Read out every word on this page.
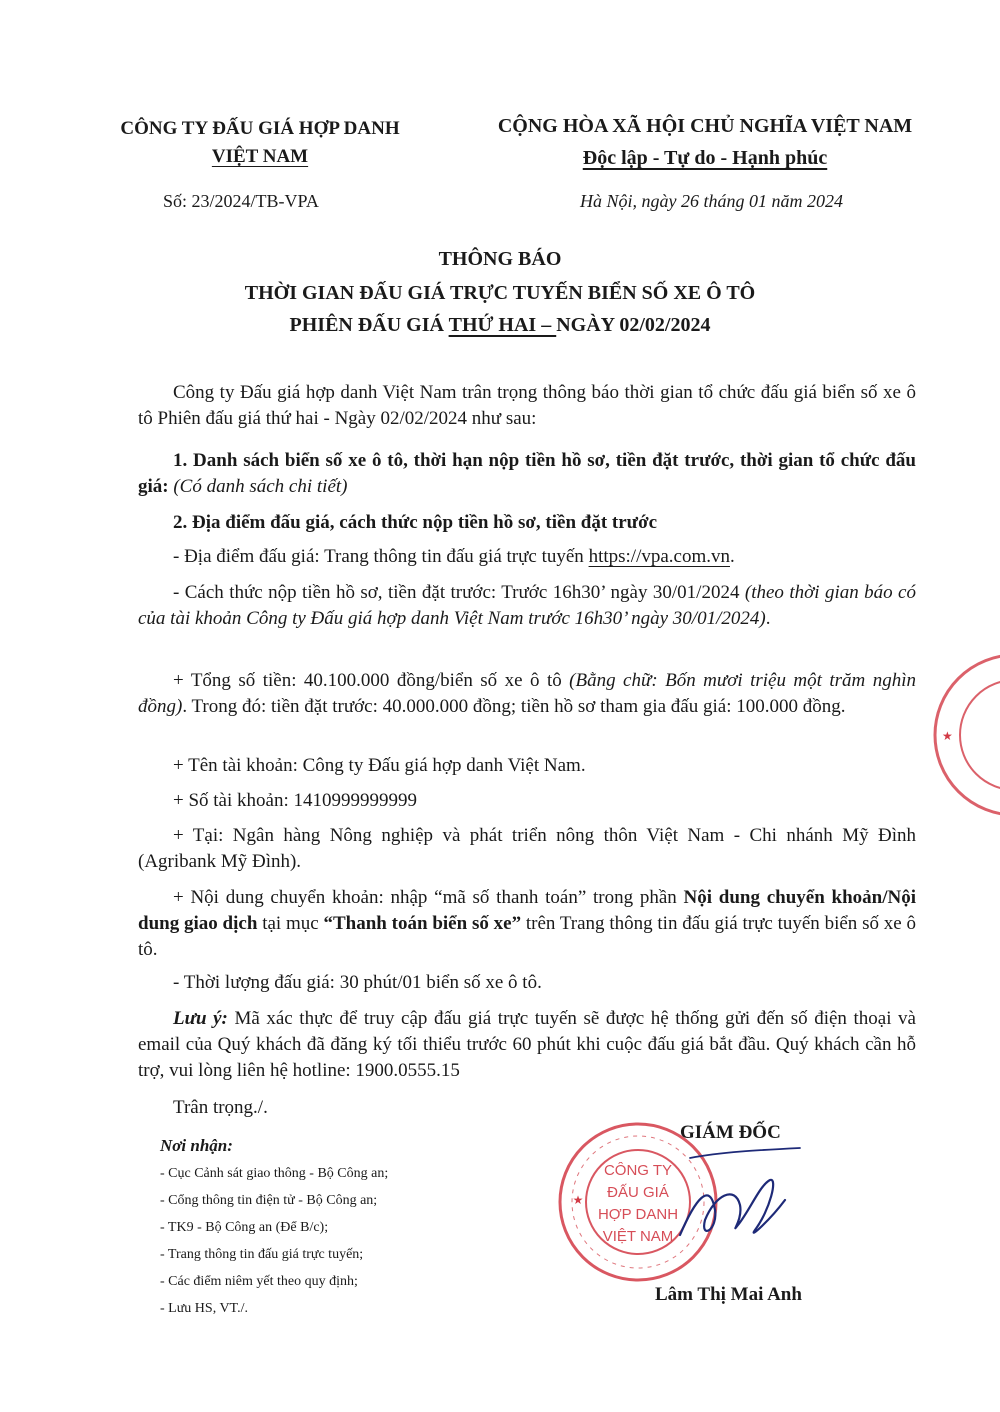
CÔNG TY ĐẤU GIÁ HỢP DANH
VIỆT NAM
CỘNG HÒA XÃ HỘI CHỦ NGHĨA VIỆT NAM
Độc lập - Tự do - Hạnh phúc
Số: 23/2024/TB-VPA	Hà Nội, ngày 26 tháng 01 năm 2024
THÔNG BÁO
THỜI GIAN ĐẤU GIÁ TRỰC TUYẾN BIỂN SỐ XE Ô TÔ
PHIÊN ĐẤU GIÁ THỨ HAI – NGÀY 02/02/2024
Công ty Đấu giá hợp danh Việt Nam trân trọng thông báo thời gian tổ chức đấu giá biển số xe ô tô Phiên đấu giá thứ hai - Ngày 02/02/2024 như sau:
1. Danh sách biển số xe ô tô, thời hạn nộp tiền hồ sơ, tiền đặt trước, thời gian tổ chức đấu giá: (Có danh sách chi tiết)
2. Địa điểm đấu giá, cách thức nộp tiền hồ sơ, tiền đặt trước
- Địa điểm đấu giá: Trang thông tin đấu giá trực tuyến https://vpa.com.vn.
- Cách thức nộp tiền hồ sơ, tiền đặt trước: Trước 16h30’ ngày 30/01/2024 (theo thời gian báo có của tài khoản Công ty Đấu giá hợp danh Việt Nam trước 16h30’ ngày 30/01/2024).
+ Tổng số tiền: 40.100.000 đồng/biển số xe ô tô (Bằng chữ: Bốn mươi triệu một trăm nghìn đồng). Trong đó: tiền đặt trước: 40.000.000 đồng; tiền hồ sơ tham gia đấu giá: 100.000 đồng.
+ Tên tài khoản: Công ty Đấu giá hợp danh Việt Nam.
+ Số tài khoản: 1410999999999
+ Tại: Ngân hàng Nông nghiệp và phát triển nông thôn Việt Nam - Chi nhánh Mỹ Đình (Agribank Mỹ Đình).
+ Nội dung chuyển khoản: nhập “mã số thanh toán” trong phần Nội dung chuyển khoản/Nội dung giao dịch tại mục “Thanh toán biển số xe” trên Trang thông tin đấu giá trực tuyến biển số xe ô tô.
- Thời lượng đấu giá: 30 phút/01 biển số xe ô tô.
Lưu ý: Mã xác thực để truy cập đấu giá trực tuyến sẽ được hệ thống gửi đến số điện thoại và email của Quý khách đã đăng ký tối thiểu trước 60 phút khi cuộc đấu giá bắt đầu. Quý khách cần hỗ trợ, vui lòng liên hệ hotline: 1900.0555.15
Trân trọng./.
Nơi nhận:
- Cục Cảnh sát giao thông - Bộ Công an;
- Cổng thông tin điện tử - Bộ Công an;
- TK9 - Bộ Công an (Để B/c);
- Trang thông tin đấu giá trực tuyến;
- Các điểm niêm yết theo quy định;
- Lưu HS, VT./.
CÔNG TY
ĐẤU GIÁ
HỢP DANH
VIỆT NAM
★
★
GIÁM ĐỐC
Lâm Thị Mai Anh
